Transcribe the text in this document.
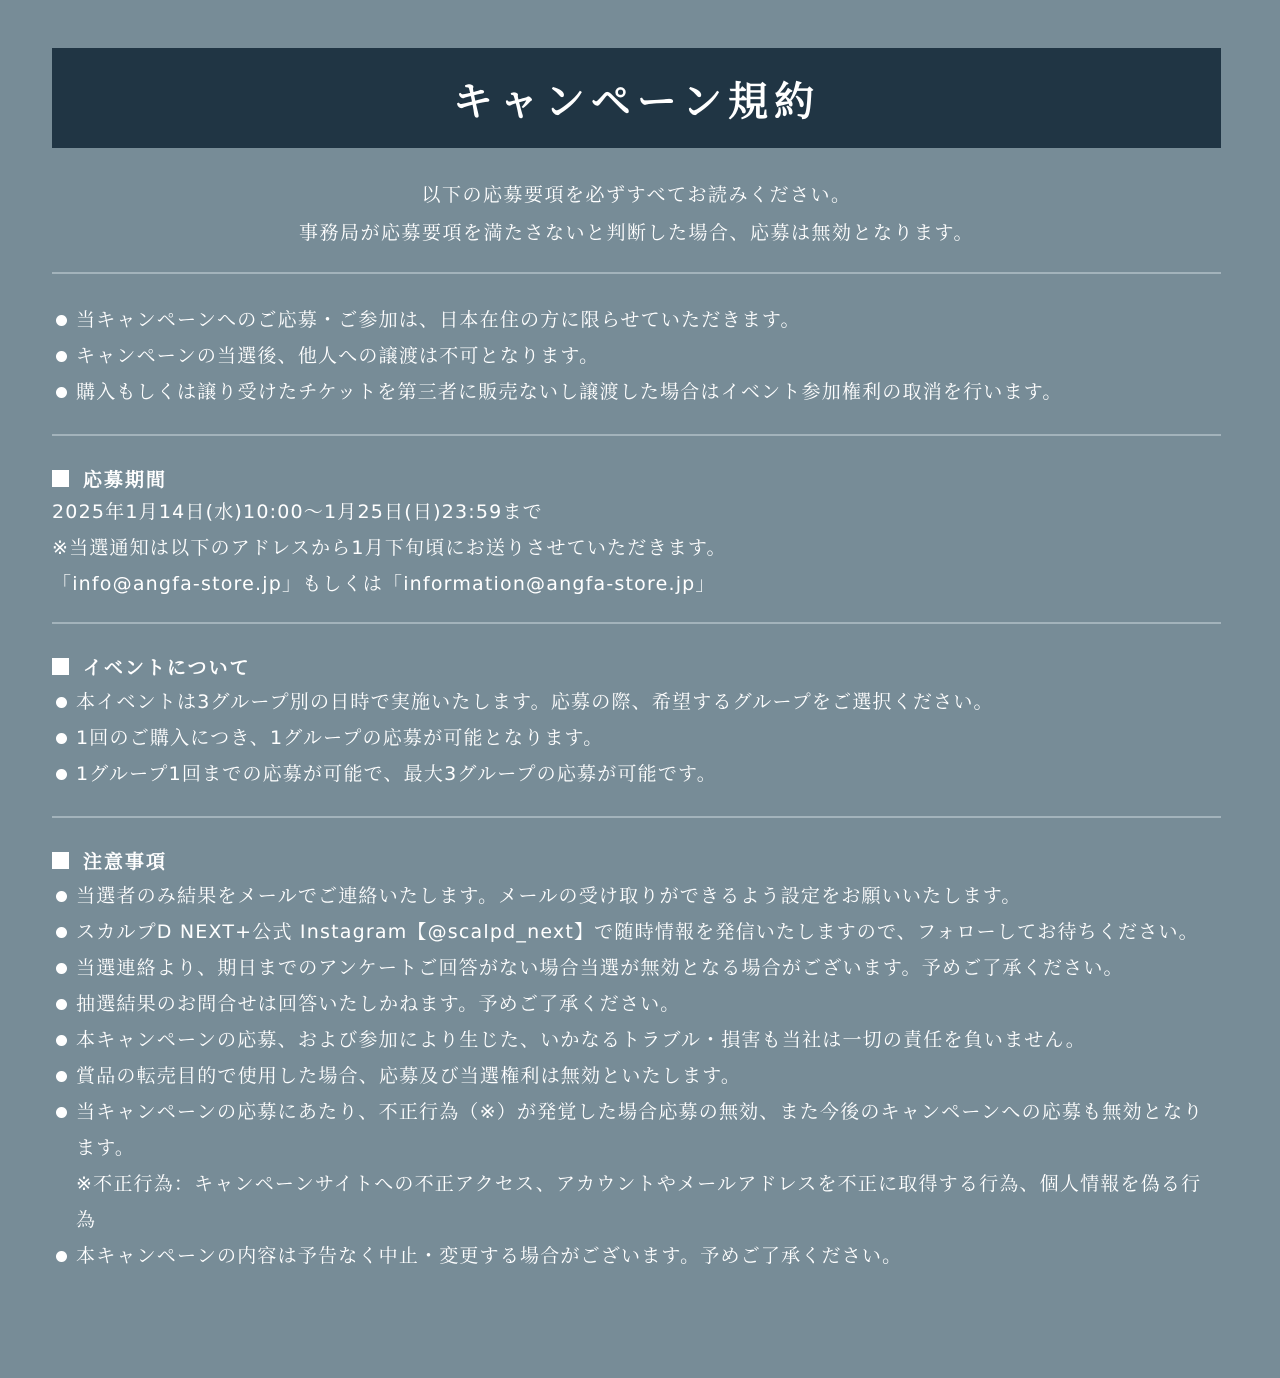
キャンペーン規約
以下の応募要項を必ずすべてお読みください。
事務局が応募要項を満たさないと判断した場合、応募は無効となります。
当キャンペーンへのご応募・ご参加は、日本在住の方に限らせていただきます。
キャンペーンの当選後、他人への譲渡は不可となります。
購入もしくは譲り受けたチケットを第三者に販売ないし譲渡した場合はイベント参加権利の取消を行います。
応募期間
2025年1月14日(水)10:00～1月25日(日)23:59まで
※当選通知は以下のアドレスから1月下旬頃にお送りさせていただきます。
「info@angfa-store.jp」もしくは「information@angfa-store.jp」
イベントについて
本イベントは3グループ別の日時で実施いたします。応募の際、希望するグループをご選択ください。
1回のご購入につき、1グループの応募が可能となります。
1グループ1回までの応募が可能で、最大3グループの応募が可能です。
注意事項
当選者のみ結果をメールでご連絡いたします。メールの受け取りができるよう設定をお願いいたします。
スカルプD NEXT+公式 Instagram【@scalpd_next】で随時情報を発信いたしますので、フォローしてお待ちください。
当選連絡より、期日までのアンケートご回答がない場合当選が無効となる場合がございます。予めご了承ください。
抽選結果のお問合せは回答いたしかねます。予めご了承ください。
本キャンペーンの応募、および参加により生じた、いかなるトラブル・損害も当社は一切の責任を負いません。
賞品の転売目的で使用した場合、応募及び当選権利は無効といたします。
当キャンペーンの応募にあたり、不正行為（※）が発覚した場合応募の無効、また今後のキャンペーンへの応募も無効となります。
※不正行為：キャンペーンサイトへの不正アクセス、アカウントやメールアドレスを不正に取得する行為、個人情報を偽る行為
本キャンペーンの内容は予告なく中止・変更する場合がございます。予めご了承ください。
